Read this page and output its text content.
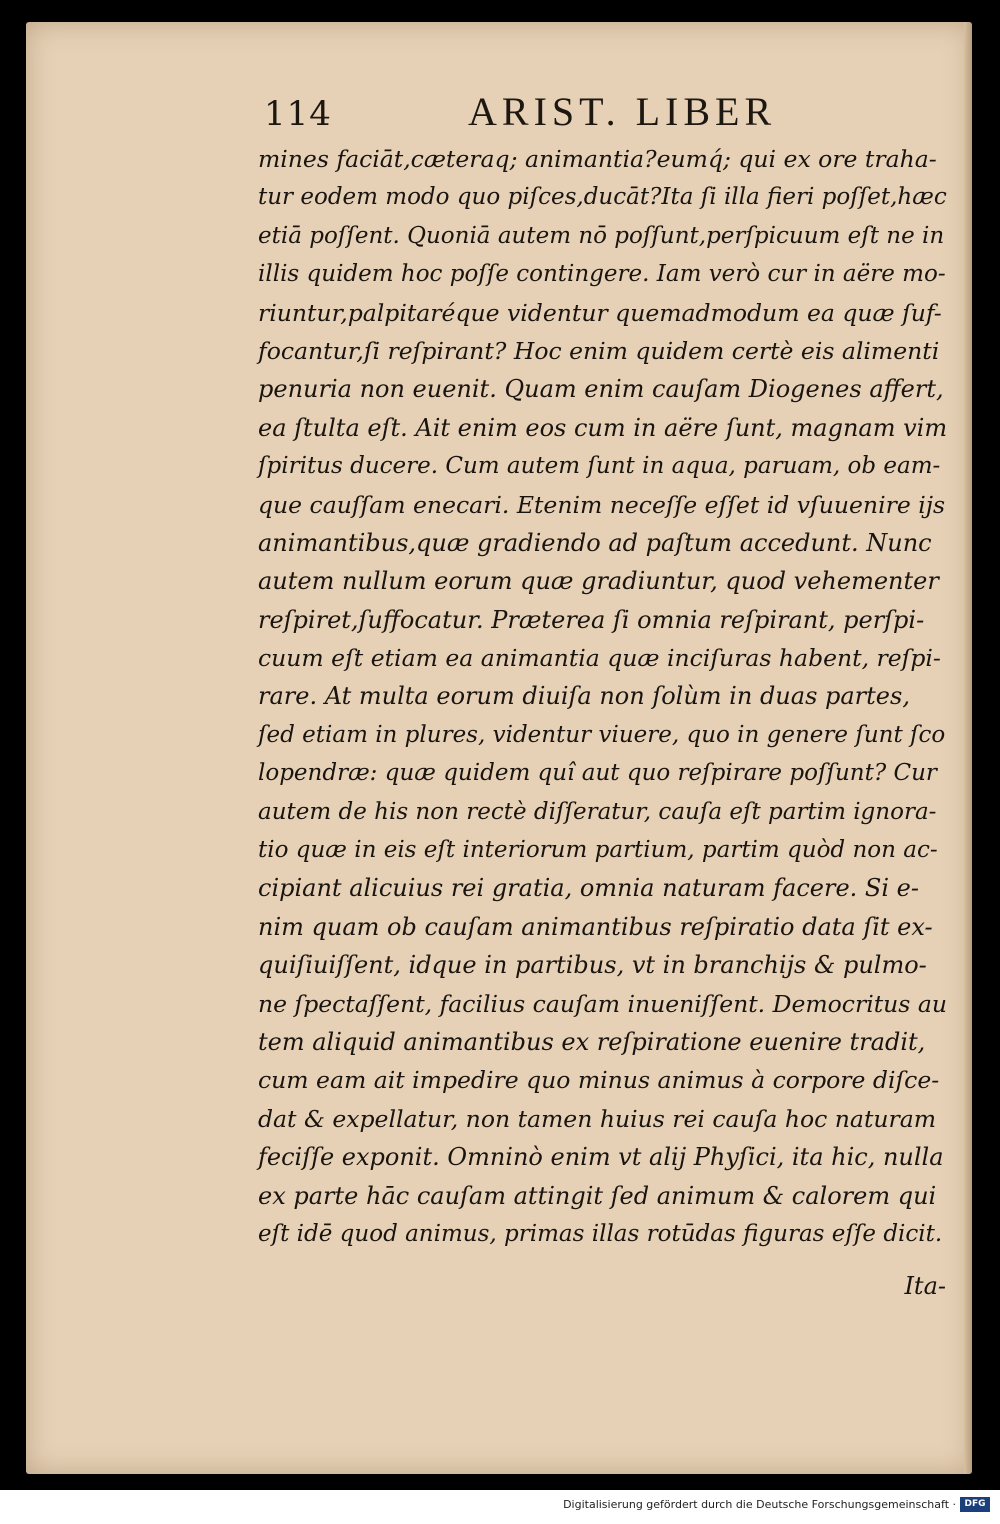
114	ARIST. LIBER
mines faciāt,cæteraq; animantia?eumq́; qui ex ore traha-
tur eodem modo quo piſces,ducāt?Ita ſi illa fieri poſſet,hæc
etiā poſſent. Quoniā autem nō poſſunt,perſpicuum eſt ne in
illis quidem hoc poſſe contingere. Iam verò cur in aëre mo-
riuntur,palpitaréque videntur quemadmodum ea quæ ſuf-
focantur,ſi reſpirant? Hoc enim quidem certè eis alimenti
penuria non euenit. Quam enim cauſam Diogenes affert,
ea ſtulta eſt. Ait enim eos cum in aëre ſunt, magnam vim
ſpiritus ducere. Cum autem ſunt in aqua, paruam, ob eam-
que cauſſam enecari. Etenim neceſſe eſſet id vſuuenire ijs
animantibus,quæ gradiendo ad paſtum accedunt. Nunc
autem nullum eorum quæ gradiuntur, quod vehementer
reſpiret,ſuffocatur. Præterea ſi omnia reſpirant, perſpi-
cuum eſt etiam ea animantia quæ inciſuras habent, reſpi-
rare. At multa eorum diuiſa non ſolùm in duas partes,
ſed etiam in plures, videntur viuere, quo in genere ſunt ſco
lopendræ: quæ quidem quî aut quo reſpirare poſſunt? Cur
autem de his non rectè diſſeratur, cauſa eſt partim ignora-
tio quæ in eis eſt interiorum partium, partim quòd non ac-
cipiant alicuius rei gratia, omnia naturam facere. Si e-
nim quam ob cauſam animantibus reſpiratio data ſit ex-
quiſiuiſſent, idque in partibus, vt in branchijs & pulmo-
ne ſpectaſſent, facilius cauſam inueniſſent. Democritus au
tem aliquid animantibus ex reſpiratione euenire tradit,
cum eam ait impedire quo minus animus à corpore diſce-
dat & expellatur, non tamen huius rei cauſa hoc naturam
feciſſe exponit. Omninò enim vt alij Phyſici, ita hic, nulla
ex parte hāc cauſam attingit ſed animum & calorem qui
eſt idē quod animus, primas illas rotūdas figuras eſſe dicit.
Ita-
Digitalisierung gefördert durch die Deutsche Forschungsgemeinschaft · DFG
